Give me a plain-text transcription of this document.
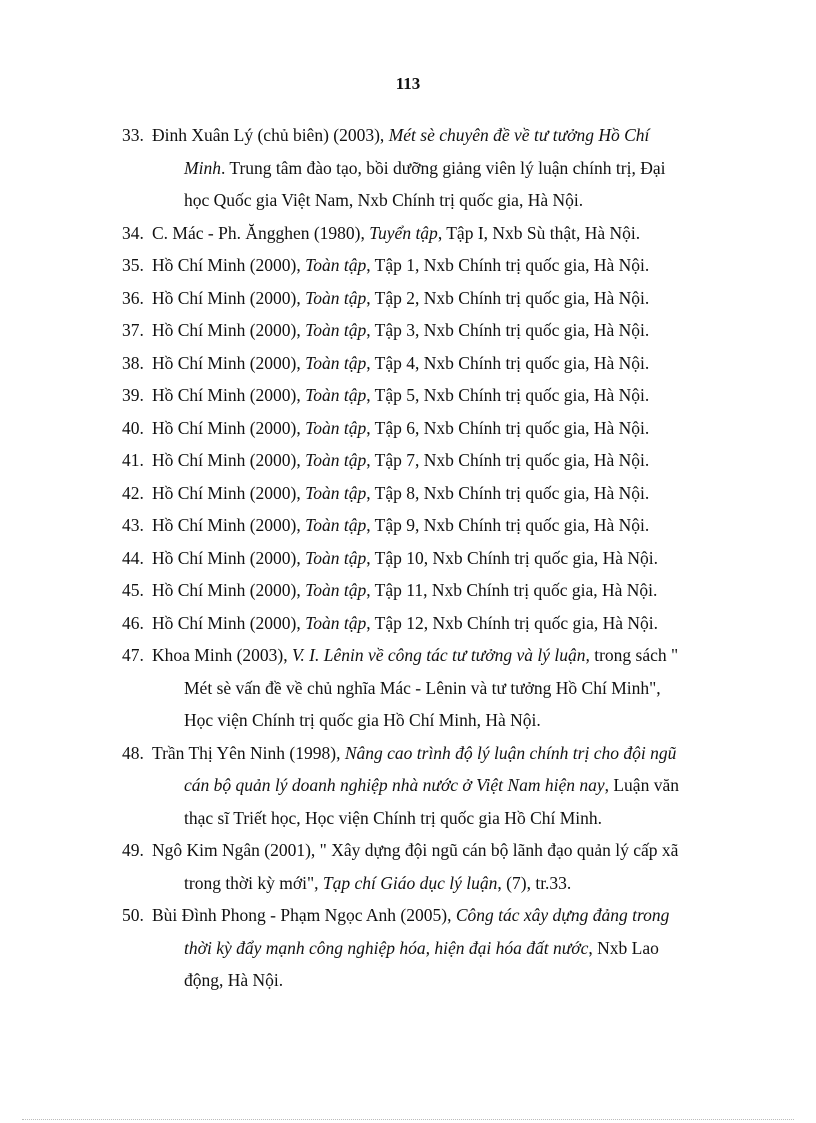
113

33. Đinh Xuân Lý (chủ biên) (2003), Mét sè chuyên đề về tư tưởng Hồ Chí
Minh. Trung tâm đào tạo, bồi dưỡng giảng viên lý luận chính trị, Đại
học Quốc gia Việt Nam, Nxb Chính trị quốc gia, Hà Nội.

34. C. Mác - Ph. Ăngghen (1980), Tuyển tập, Tập I, Nxb Sù thật, Hà Nội.

35. Hồ Chí Minh (2000), Toàn tập, Tập 1, Nxb Chính trị quốc gia, Hà Nội.

36. Hồ Chí Minh (2000), Toàn tập, Tập 2, Nxb Chính trị quốc gia, Hà Nội.

37. Hồ Chí Minh (2000), Toàn tập, Tập 3, Nxb Chính trị quốc gia, Hà Nội.

38. Hồ Chí Minh (2000), Toàn tập, Tập 4, Nxb Chính trị quốc gia, Hà Nội.

39. Hồ Chí Minh (2000), Toàn tập, Tập 5, Nxb Chính trị quốc gia, Hà Nội.

40. Hồ Chí Minh (2000), Toàn tập, Tập 6, Nxb Chính trị quốc gia, Hà Nội.

41. Hồ Chí Minh (2000), Toàn tập, Tập 7, Nxb Chính trị quốc gia, Hà Nội.

42. Hồ Chí Minh (2000), Toàn tập, Tập 8, Nxb Chính trị quốc gia, Hà Nội.

43. Hồ Chí Minh (2000), Toàn tập, Tập 9, Nxb Chính trị quốc gia, Hà Nội.

44. Hồ Chí Minh (2000), Toàn tập, Tập 10, Nxb Chính trị quốc gia, Hà Nội.

45. Hồ Chí Minh (2000), Toàn tập, Tập 11, Nxb Chính trị quốc gia, Hà Nội.

46. Hồ Chí Minh (2000), Toàn tập, Tập 12, Nxb Chính trị quốc gia, Hà Nội.

47. Khoa Minh (2003), V. I. Lênin về công tác tư tưởng và lý luận, trong sách "
Mét sè vấn đề về chủ nghĩa Mác - Lênin và tư tưởng Hồ Chí Minh",
Học viện Chính trị quốc gia Hồ Chí Minh, Hà Nội.

48. Trần Thị Yên Ninh (1998), Nâng cao trình độ lý luận chính trị cho đội ngũ
cán bộ quản lý doanh nghiệp nhà nước ở Việt Nam hiện nay, Luận văn
thạc sĩ Triết học, Học viện Chính trị quốc gia Hồ Chí Minh.

49. Ngô Kim Ngân (2001), " Xây dựng đội ngũ cán bộ lãnh đạo quản lý cấp xã
trong thời kỳ mới", Tạp chí Giáo dục lý luận, (7), tr.33.

50. Bùi Đình Phong - Phạm Ngọc Anh (2005), Công tác xây dựng đảng trong
thời kỳ đẩy mạnh công nghiệp hóa, hiện đại hóa đất nước, Nxb Lao
động, Hà Nội.
